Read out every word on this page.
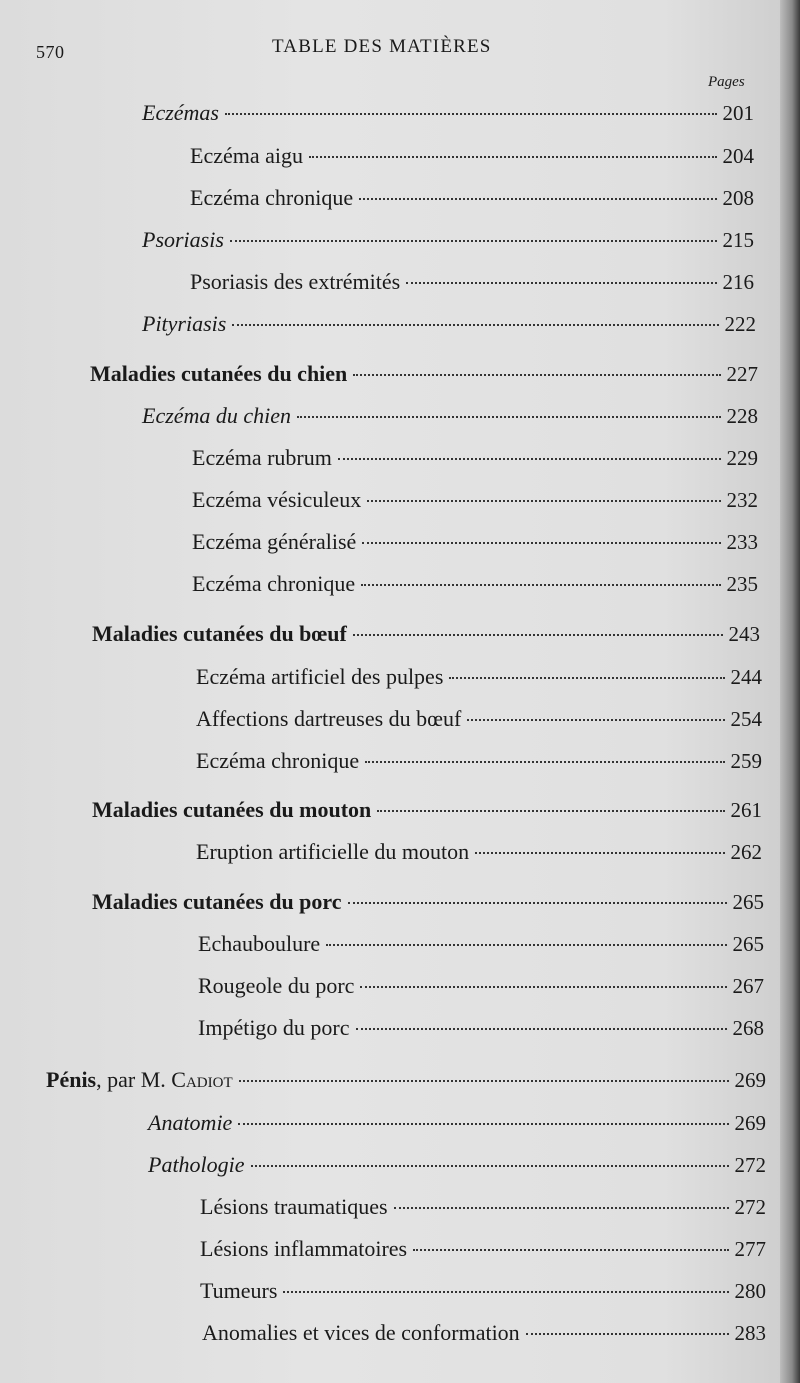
570	TABLE DES MATIÈRES
Pages
Eczémas	201
Eczéma aigu	204
Eczéma chronique	208
Psoriasis	215
Psoriasis des extrémités	216
Pityriasis	222
Maladies cutanées du chien	227
Eczéma du chien	228
Eczéma rubrum	229
Eczéma vésiculeux	232
Eczéma généralisé	233
Eczéma chronique	235
Maladies cutanées du bœuf	243
Eczéma artificiel des pulpes	244
Affections dartreuses du bœuf	254
Eczéma chronique	259
Maladies cutanées du mouton	261
Eruption artificielle du mouton	262
Maladies cutanées du porc	265
Echauboulure	265
Rougeole du porc	267
Impétigo du porc	268
Pénis, par M. Cadiot	269
Anatomie	269
Pathologie	272
Lésions traumatiques	272
Lésions inflammatoires	277
Tumeurs	280
Anomalies et vices de conformation	283
